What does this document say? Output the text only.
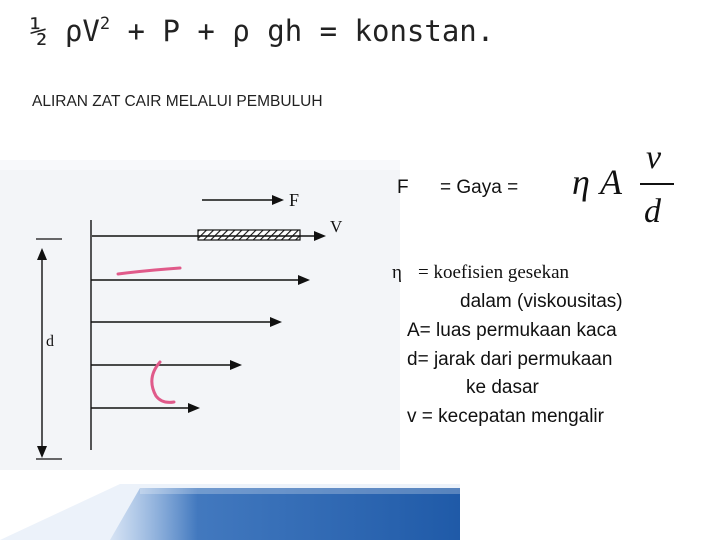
½ $\rho V^2 + P + \rho$ gh = konstan.
ALIRAN ZAT CAIR MELALUI PEMBULUH
F
V
d
F = Gaya = η A
v
d
η = koefisien gesekan
dalam (viskousitas)
A= luas permukaan kaca
d= jarak dari permukaan
ke dasar
v = kecepatan mengalir
